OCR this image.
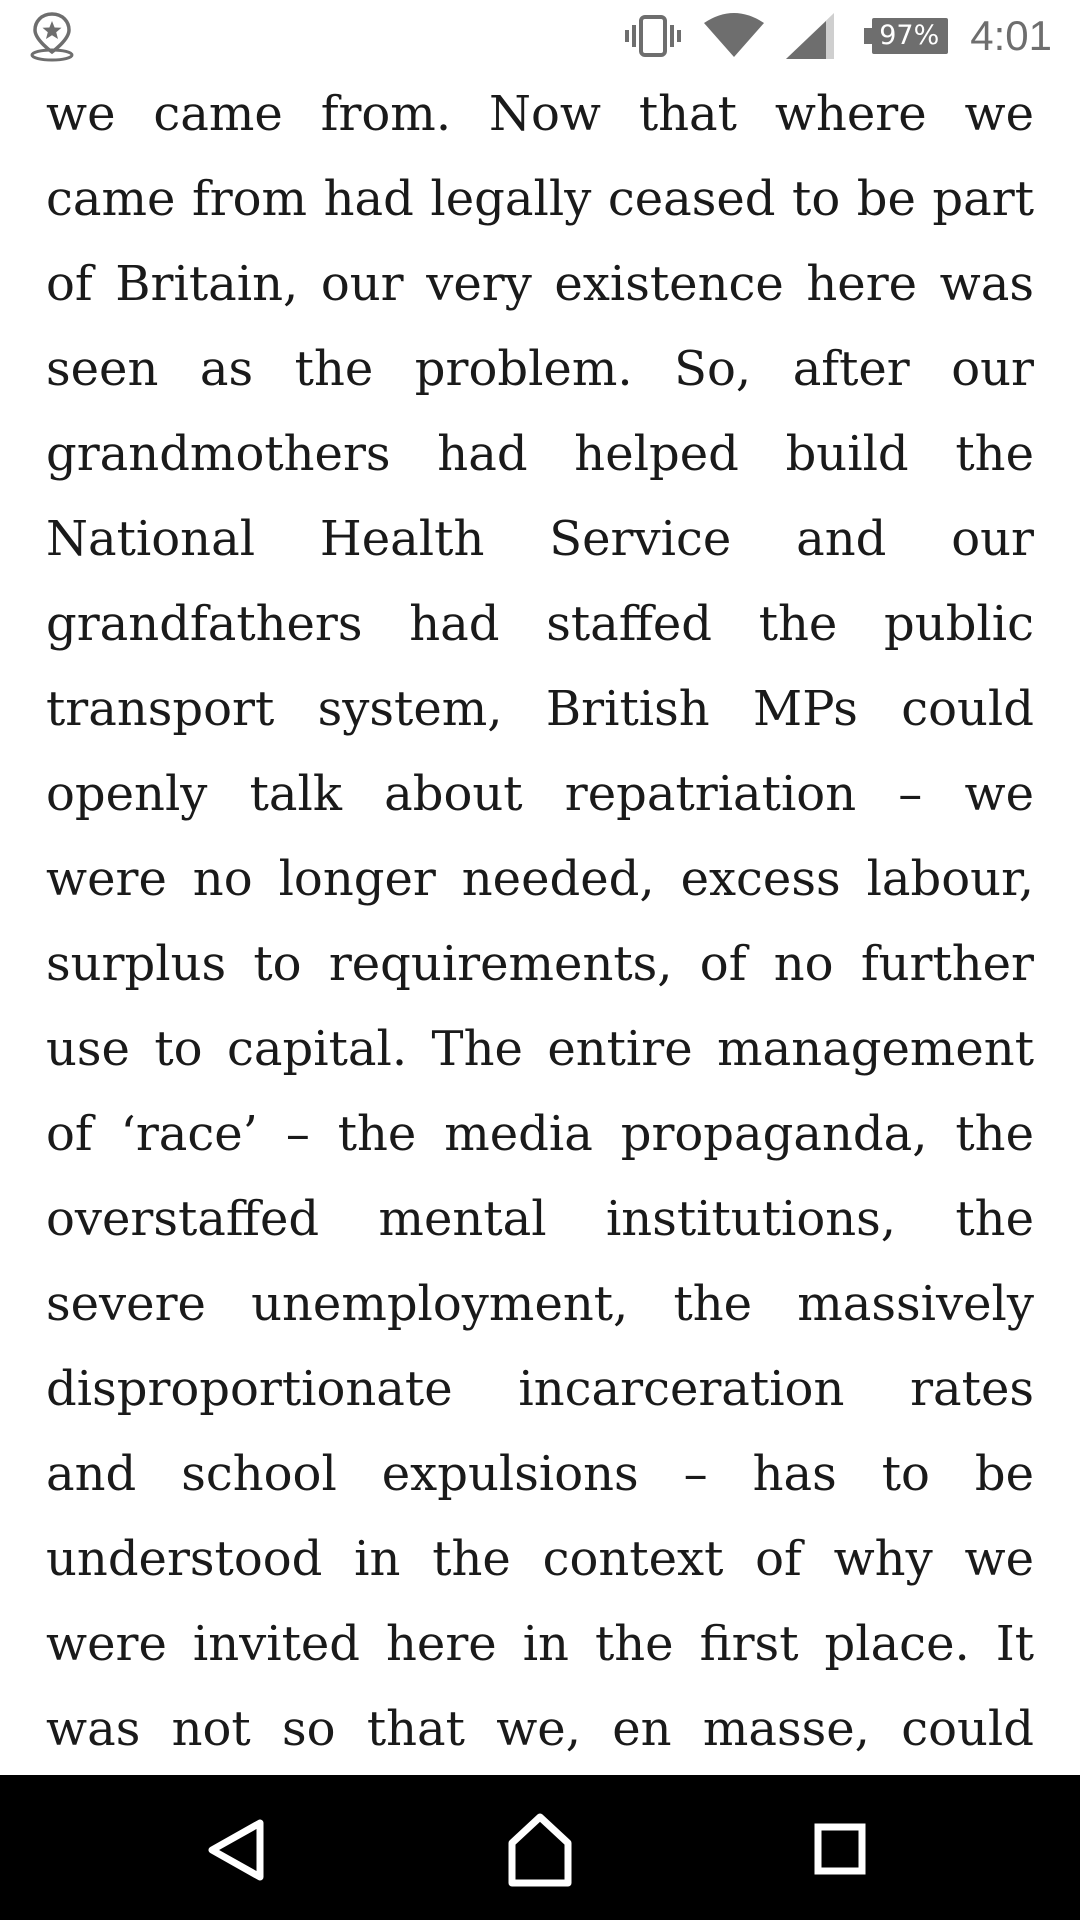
97% 4:01
we came from. Now that where we
came from had legally ceased to be part
of Britain, our very existence here was
seen as the problem. So, after our
grandmothers had helped build the
National Health Service and our
grandfathers had staffed the public
transport system, British MPs could
openly talk about repatriation – we
were no longer needed, excess labour,
surplus to requirements, of no further
use to capital. The entire management
of ‘race’ – the media propaganda, the
overstaffed mental institutions, the
severe unemployment, the massively
disproportionate incarceration rates
and school expulsions – has to be
understood in the context of why we
were invited here in the first place. It
was not so that we, en masse, could
